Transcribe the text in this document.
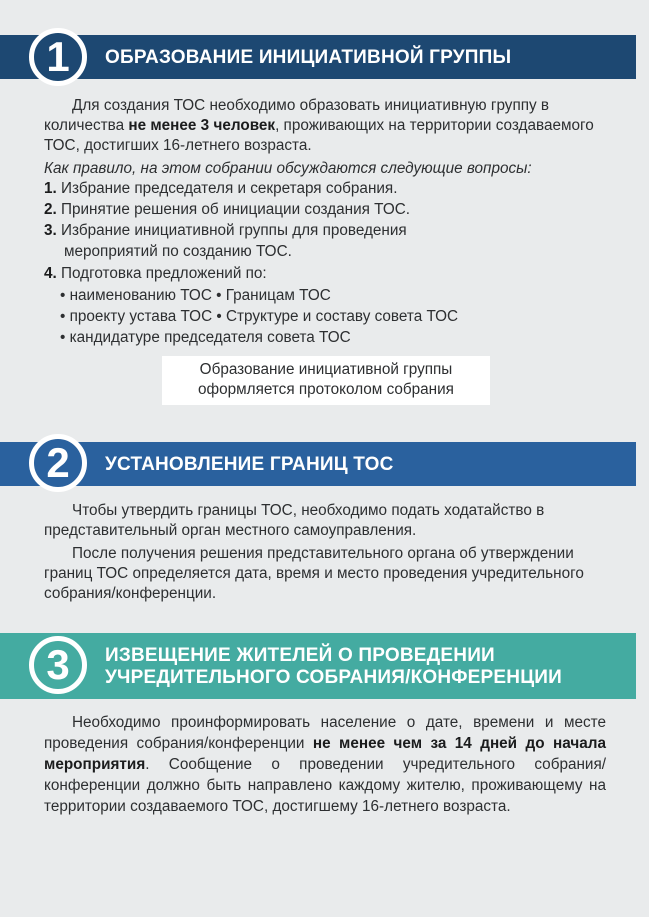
1	ОБРАЗОВАНИЕ ИНИЦИАТИВНОЙ ГРУППЫ
Для создания ТОС необходимо образовать инициативную группу в количества не менее 3 человек, проживающих на территории создаваемого ТОС, достигших 16-летнего возраста.
Как правило, на этом собрании обсуждаются следующие вопросы:
1. Избрание председателя и секретаря собрания.
2. Принятие решения об инициации создания ТОС.
3. Избрание инициативной группы для проведения
мероприятий по созданию ТОС.
4. Подготовка предложений по:
• наименованию ТОС • Границам ТОС
• проекту устава ТОС • Структуре и составу совета ТОС
• кандидатуре председателя совета ТОС
Образование инициативной группы
оформляется протоколом собрания
2	УСТАНОВЛЕНИЕ ГРАНИЦ ТОС
Чтобы утвердить границы ТОС, необходимо подать ходатайство в представительный орган местного самоуправления.
После получения решения представительного органа об утверждении границ ТОС определяется дата, время и место проведения учредительного собрания/конференции.
3	ИЗВЕЩЕНИЕ ЖИТЕЛЕЙ О ПРОВЕДЕНИИ
УЧРЕДИТЕЛЬНОГО СОБРАНИЯ/КОНФЕРЕНЦИИ
Необходимо проинформировать население о дате, времени и месте проведения собрания/конференции не менее чем за 14 дней до начала мероприятия. Сообщение о проведении учредительного собрания/конференции должно быть направлено каждому жителю, проживающему на территории создаваемого ТОС, достигшему 16-летнего возраста.
